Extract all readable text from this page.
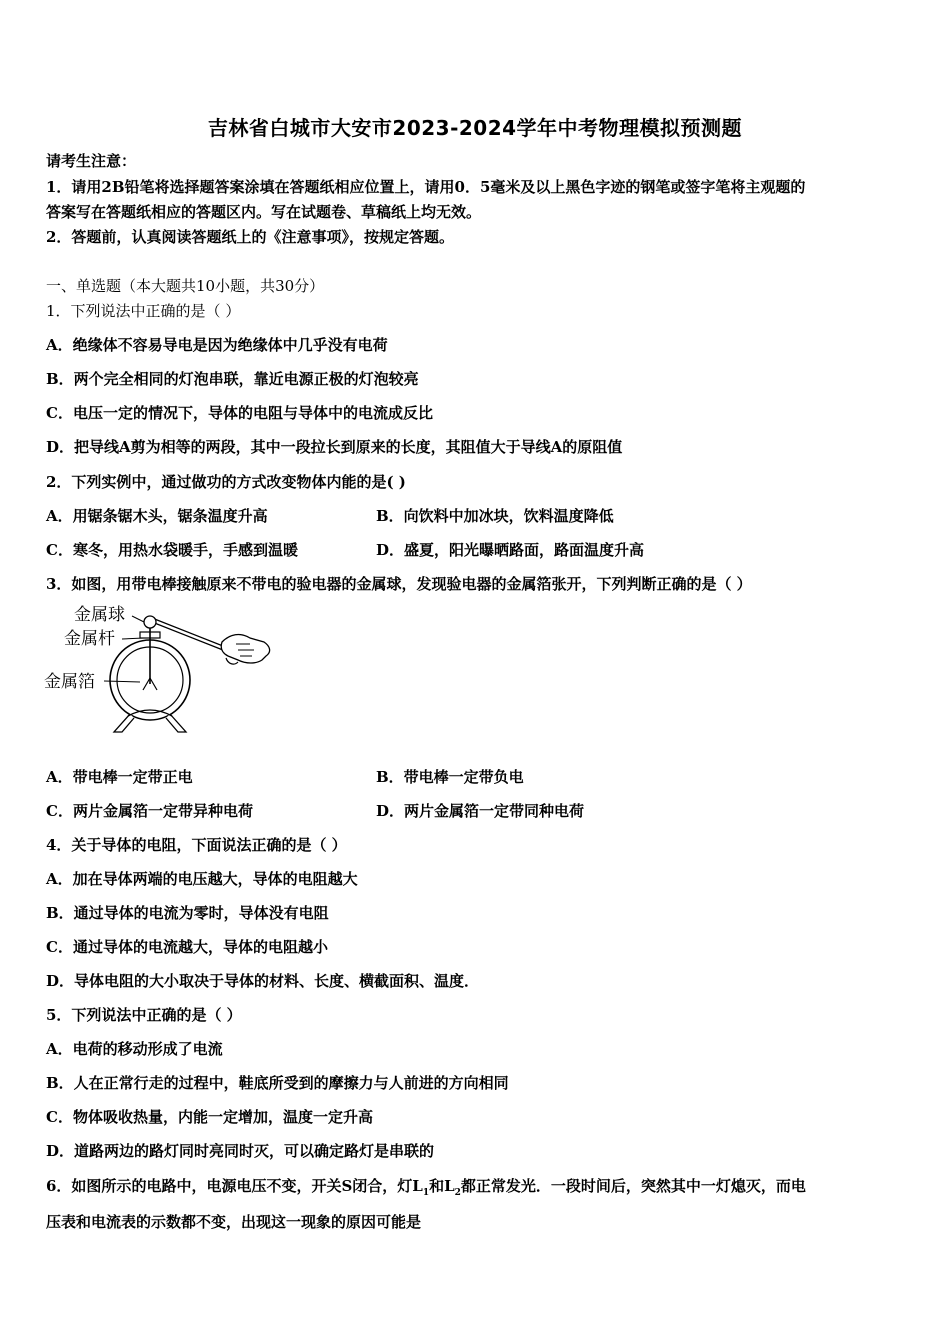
吉林省白城市大安市2023-2024学年中考物理模拟预测题
请考生注意：
1．请用2B铅笔将选择题答案涂填在答题纸相应位置上，请用0．5毫米及以上黑色字迹的钢笔或签字笔将主观题的
答案写在答题纸相应的答题区内。写在试题卷、草稿纸上均无效。
2．答题前，认真阅读答题纸上的《注意事项》，按规定答题。
一、单选题（本大题共10小题，共30分）
1．下列说法中正确的是（ ）
A．绝缘体不容易导电是因为绝缘体中几乎没有电荷
B．两个完全相同的灯泡串联，靠近电源正极的灯泡较亮
C．电压一定的情况下，导体的电阻与导体中的电流成反比
D．把导线A剪为相等的两段，其中一段拉长到原来的长度，其阻值大于导线A的原阻值
2．下列实例中，通过做功的方式改变物体内能的是( )
A．用锯条锯木头，锯条温度升高	B．向饮料中加冰块，饮料温度降低
C．寒冬，用热水袋暖手，手感到温暖	D．盛夏，阳光曝晒路面，路面温度升高
3．如图，用带电棒接触原来不带电的验电器的金属球，发现验电器的金属箔张开，下列判断正确的是（ ）
金属球
金属杆
金属箔
A．带电棒一定带正电	B．带电棒一定带负电
C．两片金属箔一定带异种电荷	D．两片金属箔一定带同种电荷
4．关于导体的电阻，下面说法正确的是（ ）
A．加在导体两端的电压越大，导体的电阻越大
B．通过导体的电流为零时，导体没有电阻
C．通过导体的电流越大，导体的电阻越小
D．导体电阻的大小取决于导体的材料、长度、横截面积、温度．
5．下列说法中正确的是（ ）
A．电荷的移动形成了电流
B．人在正常行走的过程中，鞋底所受到的摩擦力与人前进的方向相同
C．物体吸收热量，内能一定增加，温度一定升高
D．道路两边的路灯同时亮同时灭，可以确定路灯是串联的
6．如图所示的电路中，电源电压不变，开关S闭合，灯$L_1$和$L_2$都正常发光．一段时间后，突然其中一灯熄灭，而电
压表和电流表的示数都不变，出现这一现象的原因可能是
